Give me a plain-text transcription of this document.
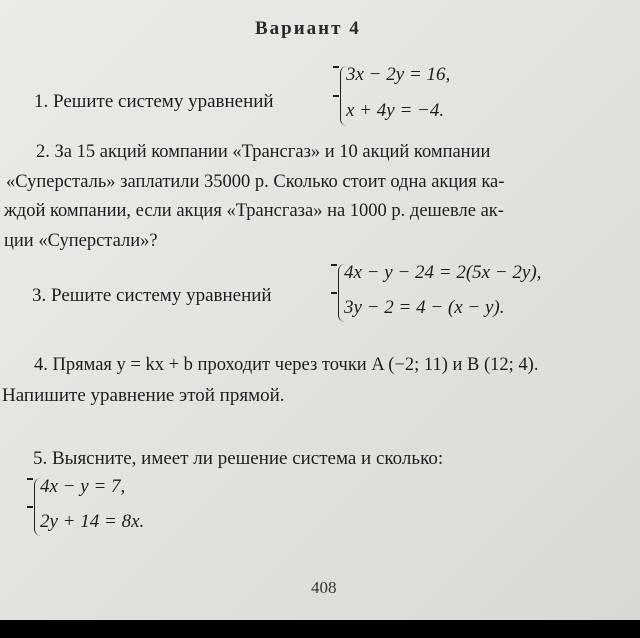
Вариант 4
1. Решите систему уравнений
3x − 2y = 16,
x + 4y = −4.
2. За 15 акций компании «Трансгаз» и 10 акций компании
«Суперсталь» заплатили 35000 р. Сколько стоит одна акция ка-
ждой компании, если акция «Трансгаза» на 1000 р. дешевле ак-
ции «Суперстали»?
3. Решите систему уравнений
4x − y − 24 = 2(5x − 2y),
3y − 2 = 4 − (x − y).
4. Прямая y = kx + b проходит через точки A (−2; 11) и B (12; 4).
Напишите уравнение этой прямой.
5. Выясните, имеет ли решение система и сколько:
4x − y = 7,
2y + 14 = 8x.
408
